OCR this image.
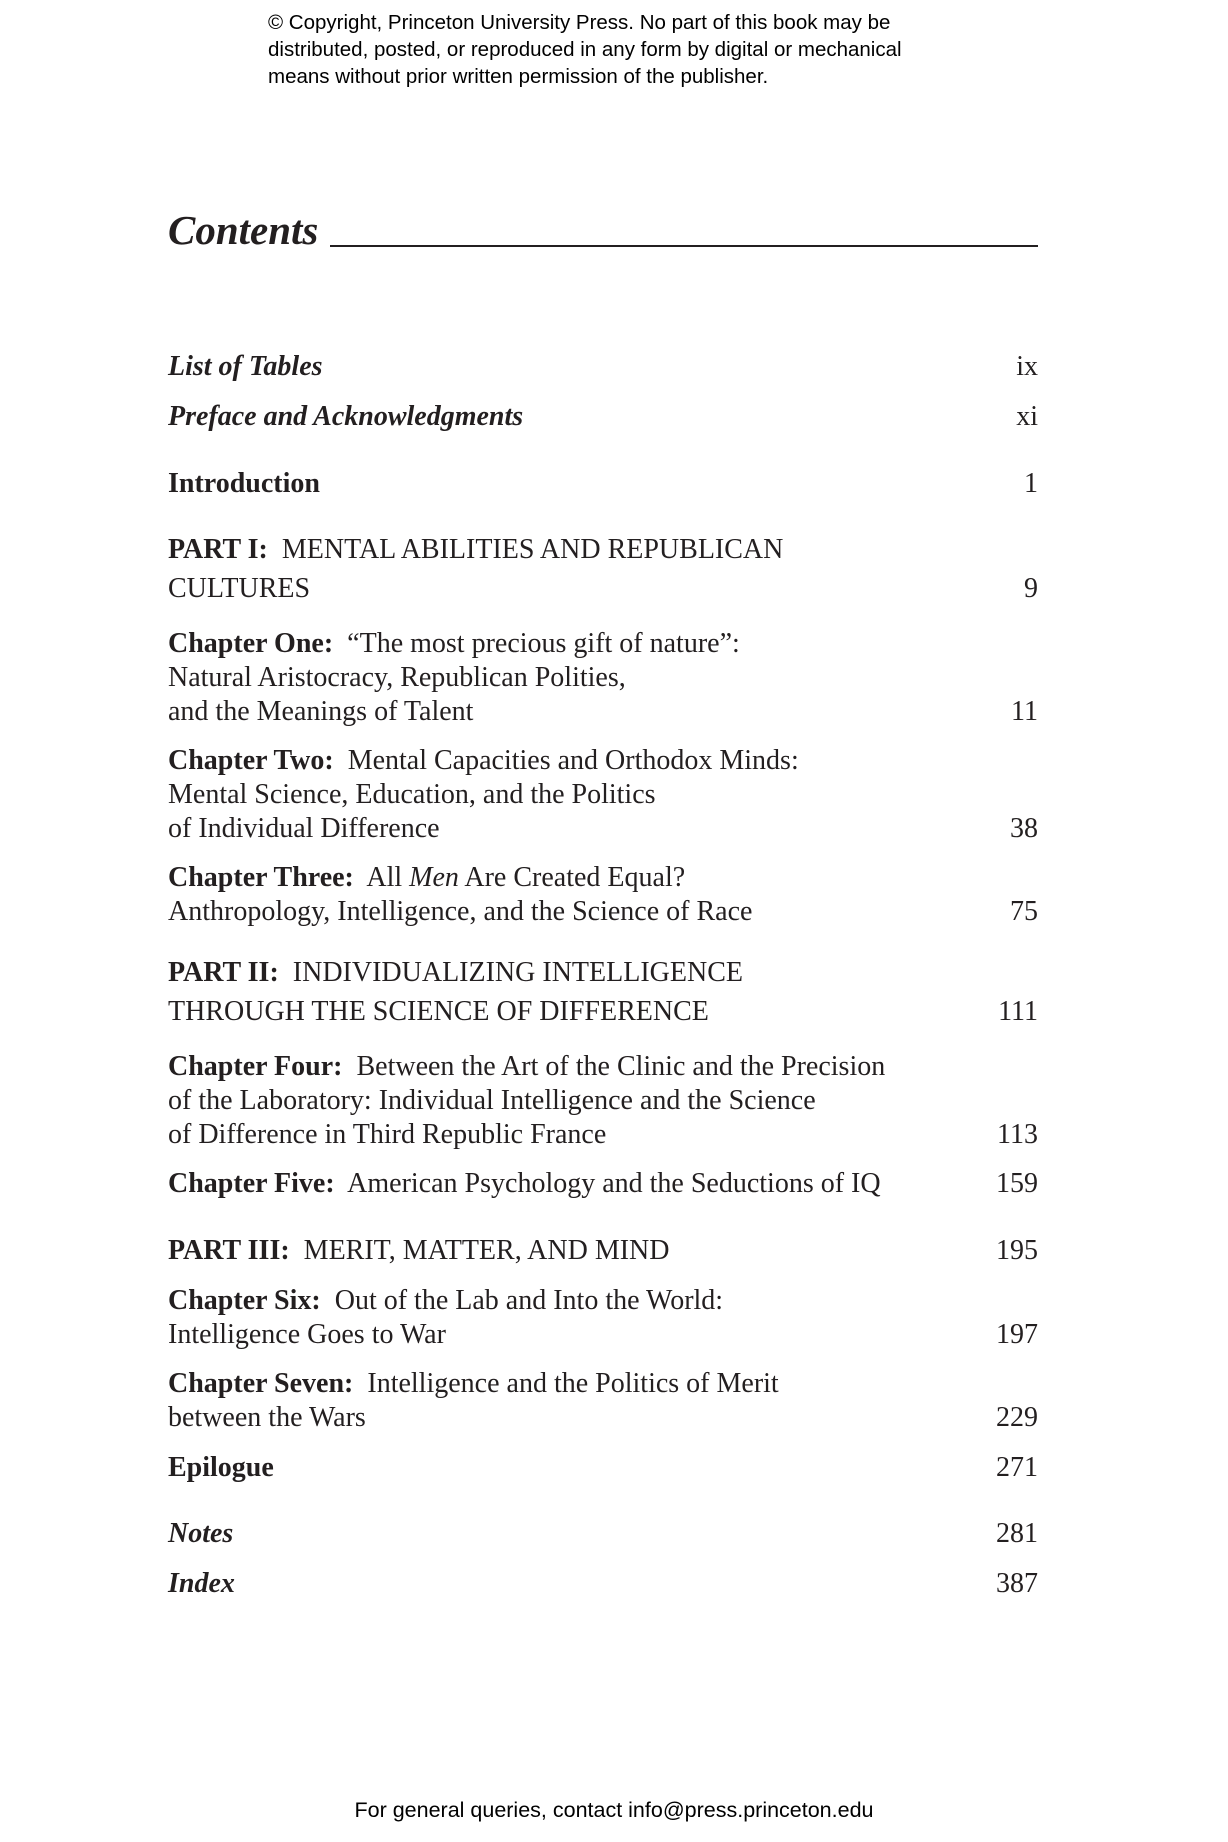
© Copyright, Princeton University Press. No part of this book may be
distributed, posted, or reproduced in any form by digital or mechanical
means without prior written permission of the publisher.
Contents
List of Tables	ix
Preface and Acknowledgments	xi
Introduction	1
PART I: MENTAL ABILITIES AND REPUBLICAN
CULTURES	9
Chapter One: “The most precious gift of nature”:
Natural Aristocracy, Republican Polities,
and the Meanings of Talent	11
Chapter Two: Mental Capacities and Orthodox Minds:
Mental Science, Education, and the Politics
of Individual Difference	38
Chapter Three: All Men Are Created Equal?
Anthropology, Intelligence, and the Science of Race	75
PART II: INDIVIDUALIZING INTELLIGENCE
THROUGH THE SCIENCE OF DIFFERENCE	111
Chapter Four: Between the Art of the Clinic and the Precision
of the Laboratory: Individual Intelligence and the Science
of Difference in Third Republic France	113
Chapter Five: American Psychology and the Seductions of IQ	159
PART III: MERIT, MATTER, AND MIND	195
Chapter Six: Out of the Lab and Into the World:
Intelligence Goes to War	197
Chapter Seven: Intelligence and the Politics of Merit
between the Wars	229
Epilogue	271
Notes	281
Index	387
For general queries, contact info@press.princeton.edu
